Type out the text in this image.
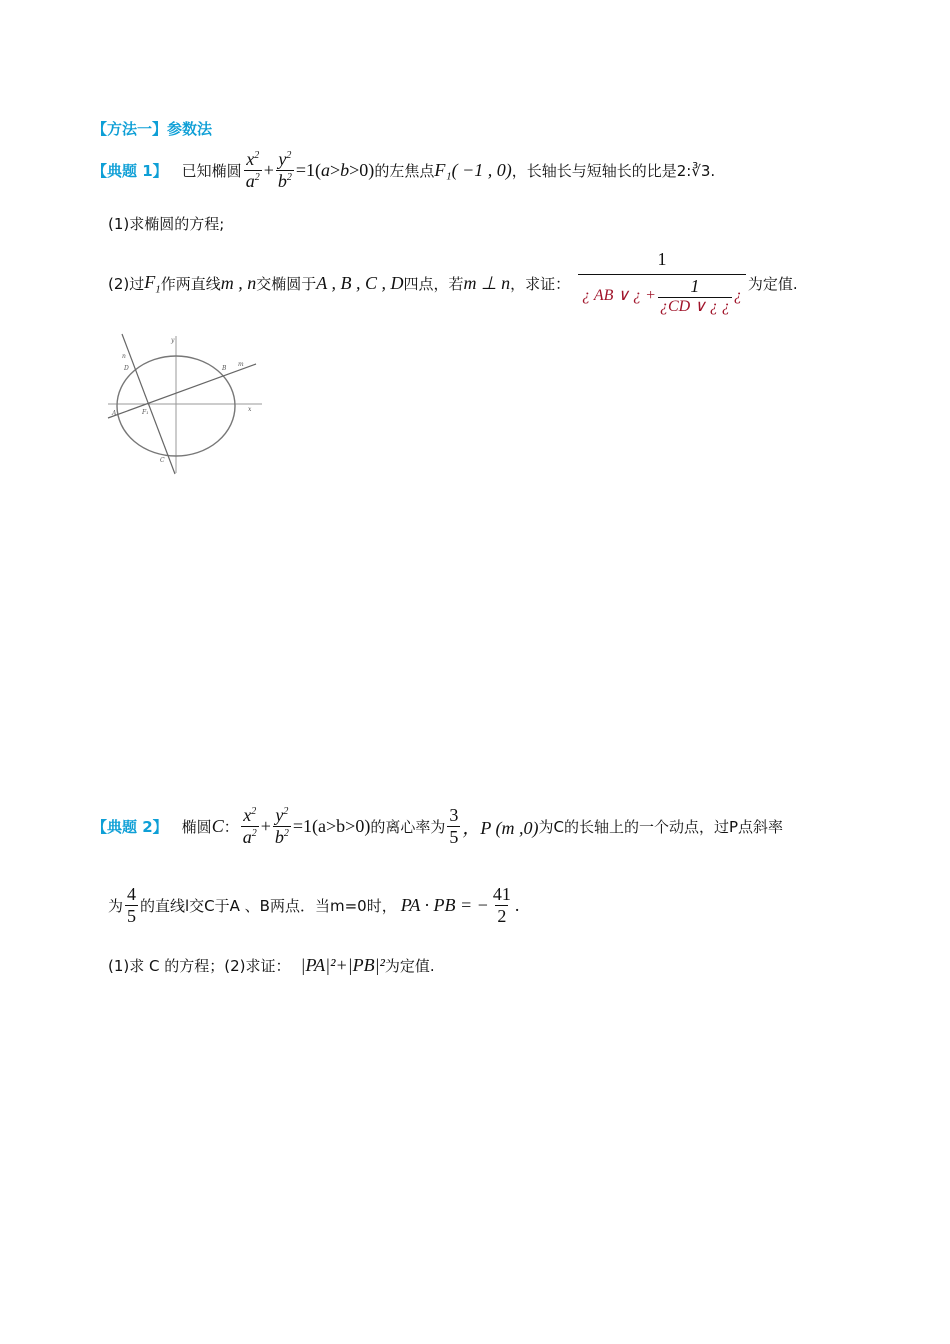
【方法一】参数法
【典题 1】 已知椭圆 $\frac{x^2}{a^2} + \frac{y^2}{b^2} =1(a>b>0)$ 的左焦点 F₁( −1 , 0) ，长轴长与短轴长的比是2:∛3.
(1)求椭圆的方程;
(2)过 $F_1$ 作两直线 m , n 交椭圆于 A , B , C , D 四点，若 m ⊥ n ，求证： $\frac{1}{¿ AB \vee ¿ + \frac{1}{¿CD \vee ¿ ¿} ¿}$ 为定值.
y
x
n
m
D	B
A	F₁
C
【典题 2】 椭圆 C ： $\frac{x^2}{a^2} + \frac{y^2}{b^2} =1(a>b>0)$ 的离心率为 $\frac{3}{5}$ ，P (m ,0) 为C的长轴上的一个动点，过P点斜率
为 $\frac{4}{5}$ 的直线l交C于A 、B两点．当m=0时， PA · PB = − $\frac{41}{2}$ .
(1)求 C 的方程；(2)求证： |PA|²+|PB|² 为定值.
